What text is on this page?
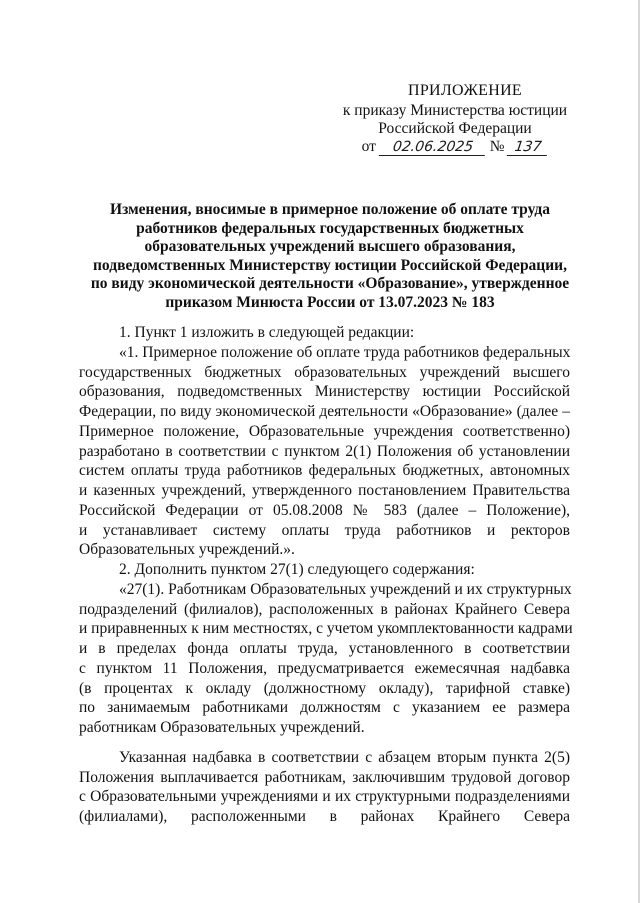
ПРИЛОЖЕНИЕ
к приказу Министерства юстиции
Российской Федерации
от 02.06.2025 № 137
Изменения, вносимые в примерное положение об оплате труда
работников федеральных государственных бюджетных
образовательных учреждений высшего образования,
подведомственных Министерству юстиции Российской Федерации,
по виду экономической деятельности «Образование», утвержденное
приказом Минюста России от 13.07.2023 № 183
1. Пункт 1 изложить в следующей редакции:
«1. Примерное положение об оплате труда работников федеральных
государственных бюджетных образовательных учреждений высшего
образования, подведомственных Министерству юстиции Российской
Федерации, по виду экономической деятельности «Образование» (далее –
Примерное положение, Образовательные учреждения соответственно)
разработано в соответствии с пунктом 2(1) Положения об установлении
систем оплаты труда работников федеральных бюджетных, автономных
и казенных учреждений, утвержденного постановлением Правительства
Российской Федерации от 05.08.2008 № 583 (далее – Положение),
и устанавливает систему оплаты труда работников и ректоров
Образовательных учреждений.».
2. Дополнить пунктом 27(1) следующего содержания:
«27(1). Работникам Образовательных учреждений и их структурных
подразделений (филиалов), расположенных в районах Крайнего Севера
и приравненных к ним местностях, с учетом укомплектованности кадрами
и в пределах фонда оплаты труда, установленного в соответствии
с пунктом 11 Положения, предусматривается ежемесячная надбавка
(в процентах к окладу (должностному окладу), тарифной ставке)
по занимаемым работниками должностям с указанием ее размера
работникам Образовательных учреждений.
Указанная надбавка в соответствии с абзацем вторым пункта 2(5)
Положения выплачивается работникам, заключившим трудовой договор
с Образовательными учреждениями и их структурными подразделениями
(филиалами), расположенными в районах Крайнего Севера
